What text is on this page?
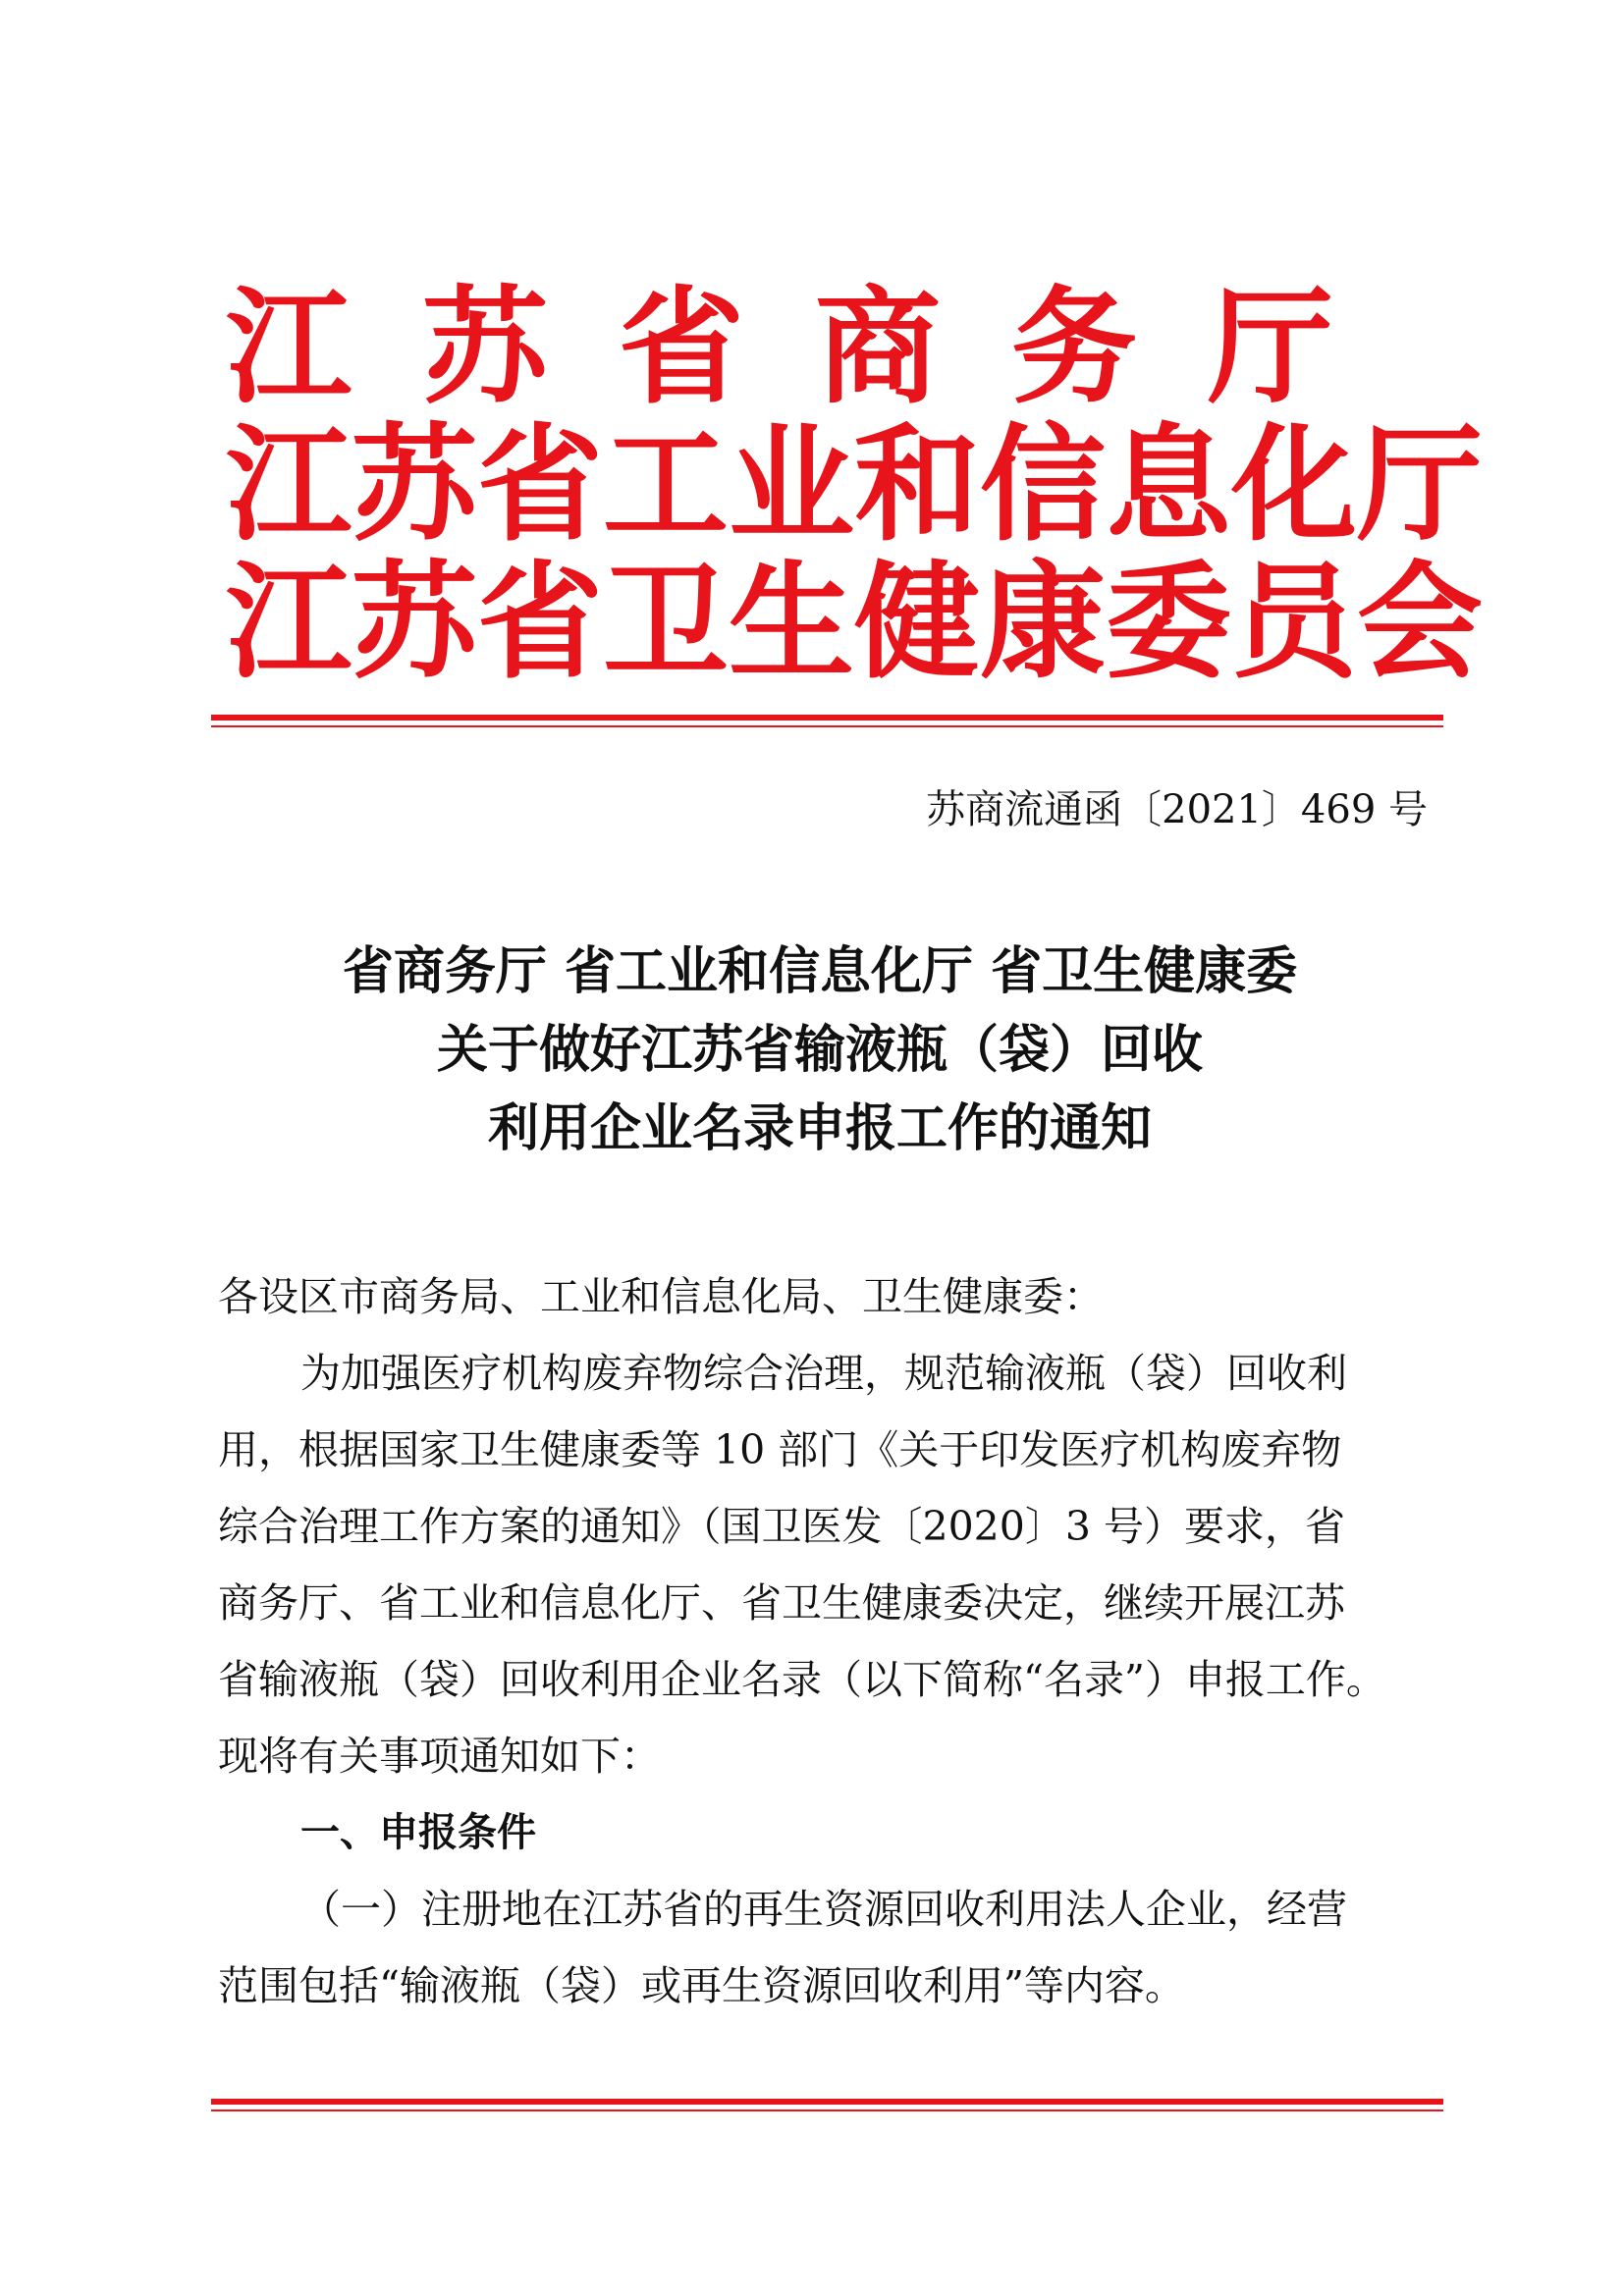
江苏省商务厅
江苏省工业和信息化厅
江苏省卫生健康委员会
苏商流通函〔2021〕469 号
省商务厅 省工业和信息化厅 省卫生健康委
关于做好江苏省输液瓶（袋）回收
利用企业名录申报工作的通知
各设区市商务局、工业和信息化局、卫生健康委：
为加强医疗机构废弃物综合治理，规范输液瓶（袋）回收利
用，根据国家卫生健康委等 10 部门《关于印发医疗机构废弃物
综合治理工作方案的通知》（国卫医发〔2020〕3 号）要求，省
商务厅、省工业和信息化厅、省卫生健康委决定，继续开展江苏
省输液瓶（袋）回收利用企业名录（以下简称“名录”）申报工作。
现将有关事项通知如下：
一、申报条件
（一）注册地在江苏省的再生资源回收利用法人企业，经营
范围包括“输液瓶（袋）或再生资源回收利用”等内容。
